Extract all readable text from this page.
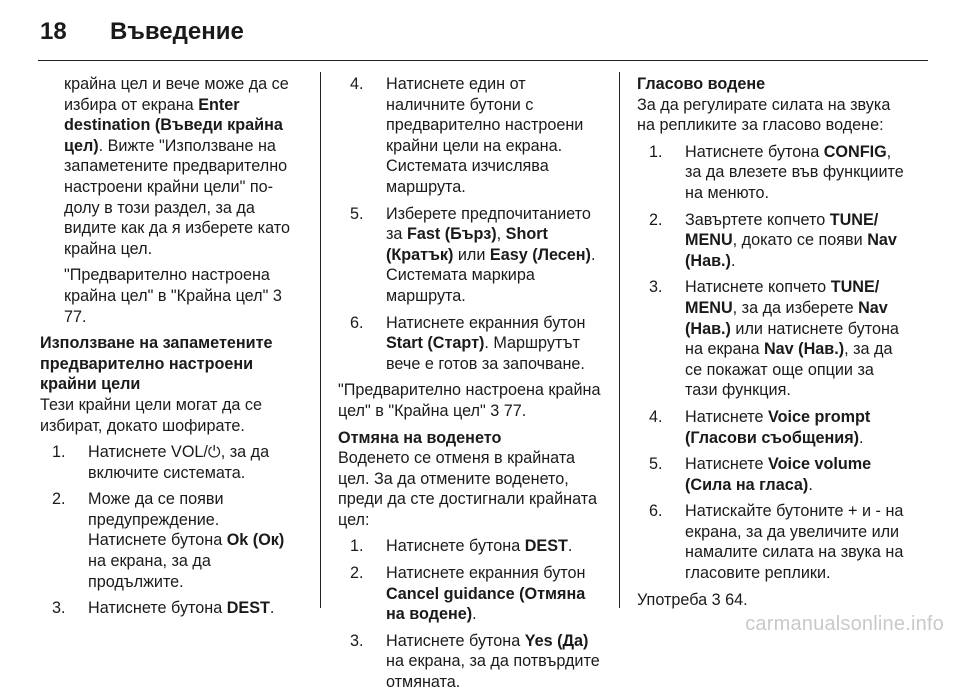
18 Въведение

крайна цел и вече може да се избира от екрана Enter destination (Въведи крайна цел). Вижте "Използване на запаметените предварително настроени крайни цели" по-долу в този раздел, за да видите как да я изберете като крайна цел.

"Предварително настроена крайна цел" в "Крайна цел" 3 77.

Използване на запаметените предварително настроени крайни цели

Тези крайни цели могат да се избират, докато шофирате.

1.	Натиснете VOL/⏻, за да включите системата.
2.	Може да се появи предупреждение. Натиснете бутона Ok (Ок) на екрана, за да продължите.
3.	Натиснете бутона DEST.
4.	Натиснете един от наличните бутони с предварително настроени крайни цели на екрана. Системата изчислява маршрута.
5.	Изберете предпочитанието за Fast (Бърз), Short (Кратък) или Easy (Лесен). Системата маркира маршрута.
6.	Натиснете екранния бутон Start (Старт). Маршрутът вече е готов за започване.

"Предварително настроена крайна цел" в "Крайна цел" 3 77.

Отмяна на воденето

Воденето се отменя в крайната цел. За да отмените воденето, преди да сте достигнали крайната цел:

1.	Натиснете бутона DEST.
2.	Натиснете екранния бутон Cancel guidance (Отмяна на водене).
3.	Натиснете бутона Yes (Да) на екрана, за да потвърдите отмяната.

Гласово водене

За да регулирате силата на звука на репликите за гласово водене:

1.	Натиснете бутона CONFIG, за да влезете във функциите на менюто.
2.	Завъртете копчето TUNE/ MENU, докато се появи Nav (Нав.).
3.	Натиснете копчето TUNE/ MENU, за да изберете Nav (Нав.) или натиснете бутона на екрана Nav (Нав.), за да се покажат още опции за тази функция.
4.	Натиснете Voice prompt (Гласови съобщения).
5.	Натиснете Voice volume (Сила на гласа).
6.	Натискайте бутоните + и - на екрана, за да увеличите или намалите силата на звука на гласовите реплики.

Употреба 3 64.

carmanualsonline.info
